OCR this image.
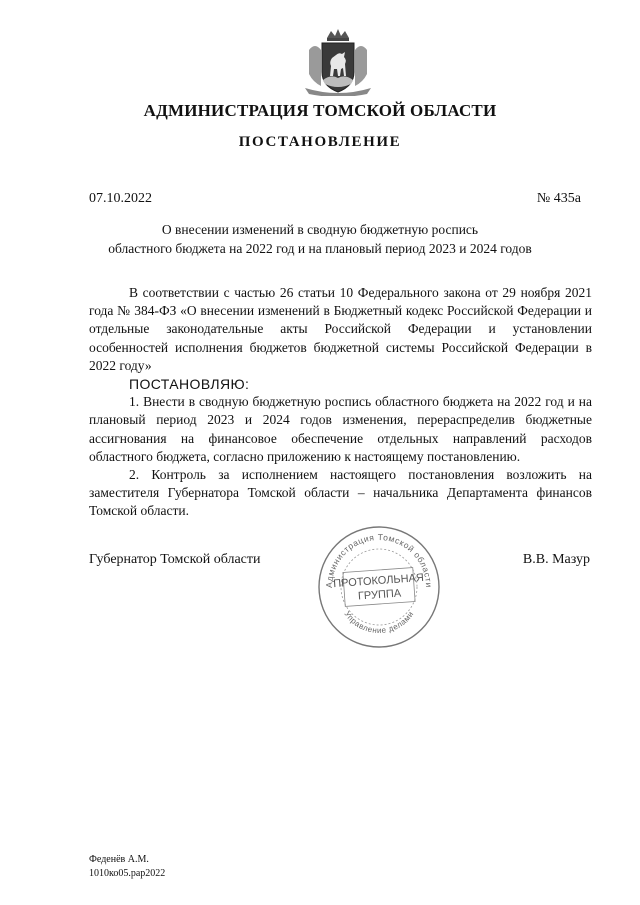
АДМИНИСТРАЦИЯ ТОМСКОЙ ОБЛАСТИ
ПОСТАНОВЛЕНИЕ
07.10.2022	№ 435а
О внесении изменений в сводную бюджетную роспись
областного бюджета на 2022 год и на плановый период 2023 и 2024 годов

В соответствии с частью 26 статьи 10 Федерального закона от 29 ноября 2021 года № 384-ФЗ «О внесении изменений в Бюджетный кодекс Российской Федерации и отдельные законодательные акты Российской Федерации и установлении особенностей исполнения бюджетов бюджетной системы Российской Федерации в 2022 году»

ПОСТАНОВЛЯЮ:

1. Внести в сводную бюджетную роспись областного бюджета на 2022 год и на плановый период 2023 и 2024 годов изменения, перераспределив бюджетные ассигнования на финансовое обеспечение отдельных направлений расходов областного бюджета, согласно приложению к настоящему постановлению.

2. Контроль за исполнением настоящего постановления возложить на заместителя Губернатора Томской области – начальника Департамента финансов Томской области.

Губернатор Томской области	В.В. Мазур
Администрация Томской области
Управление делами
ПРОТОКОЛЬНАЯ
ГРУППА
Феденёв А.М.
1010ко05.рар2022
